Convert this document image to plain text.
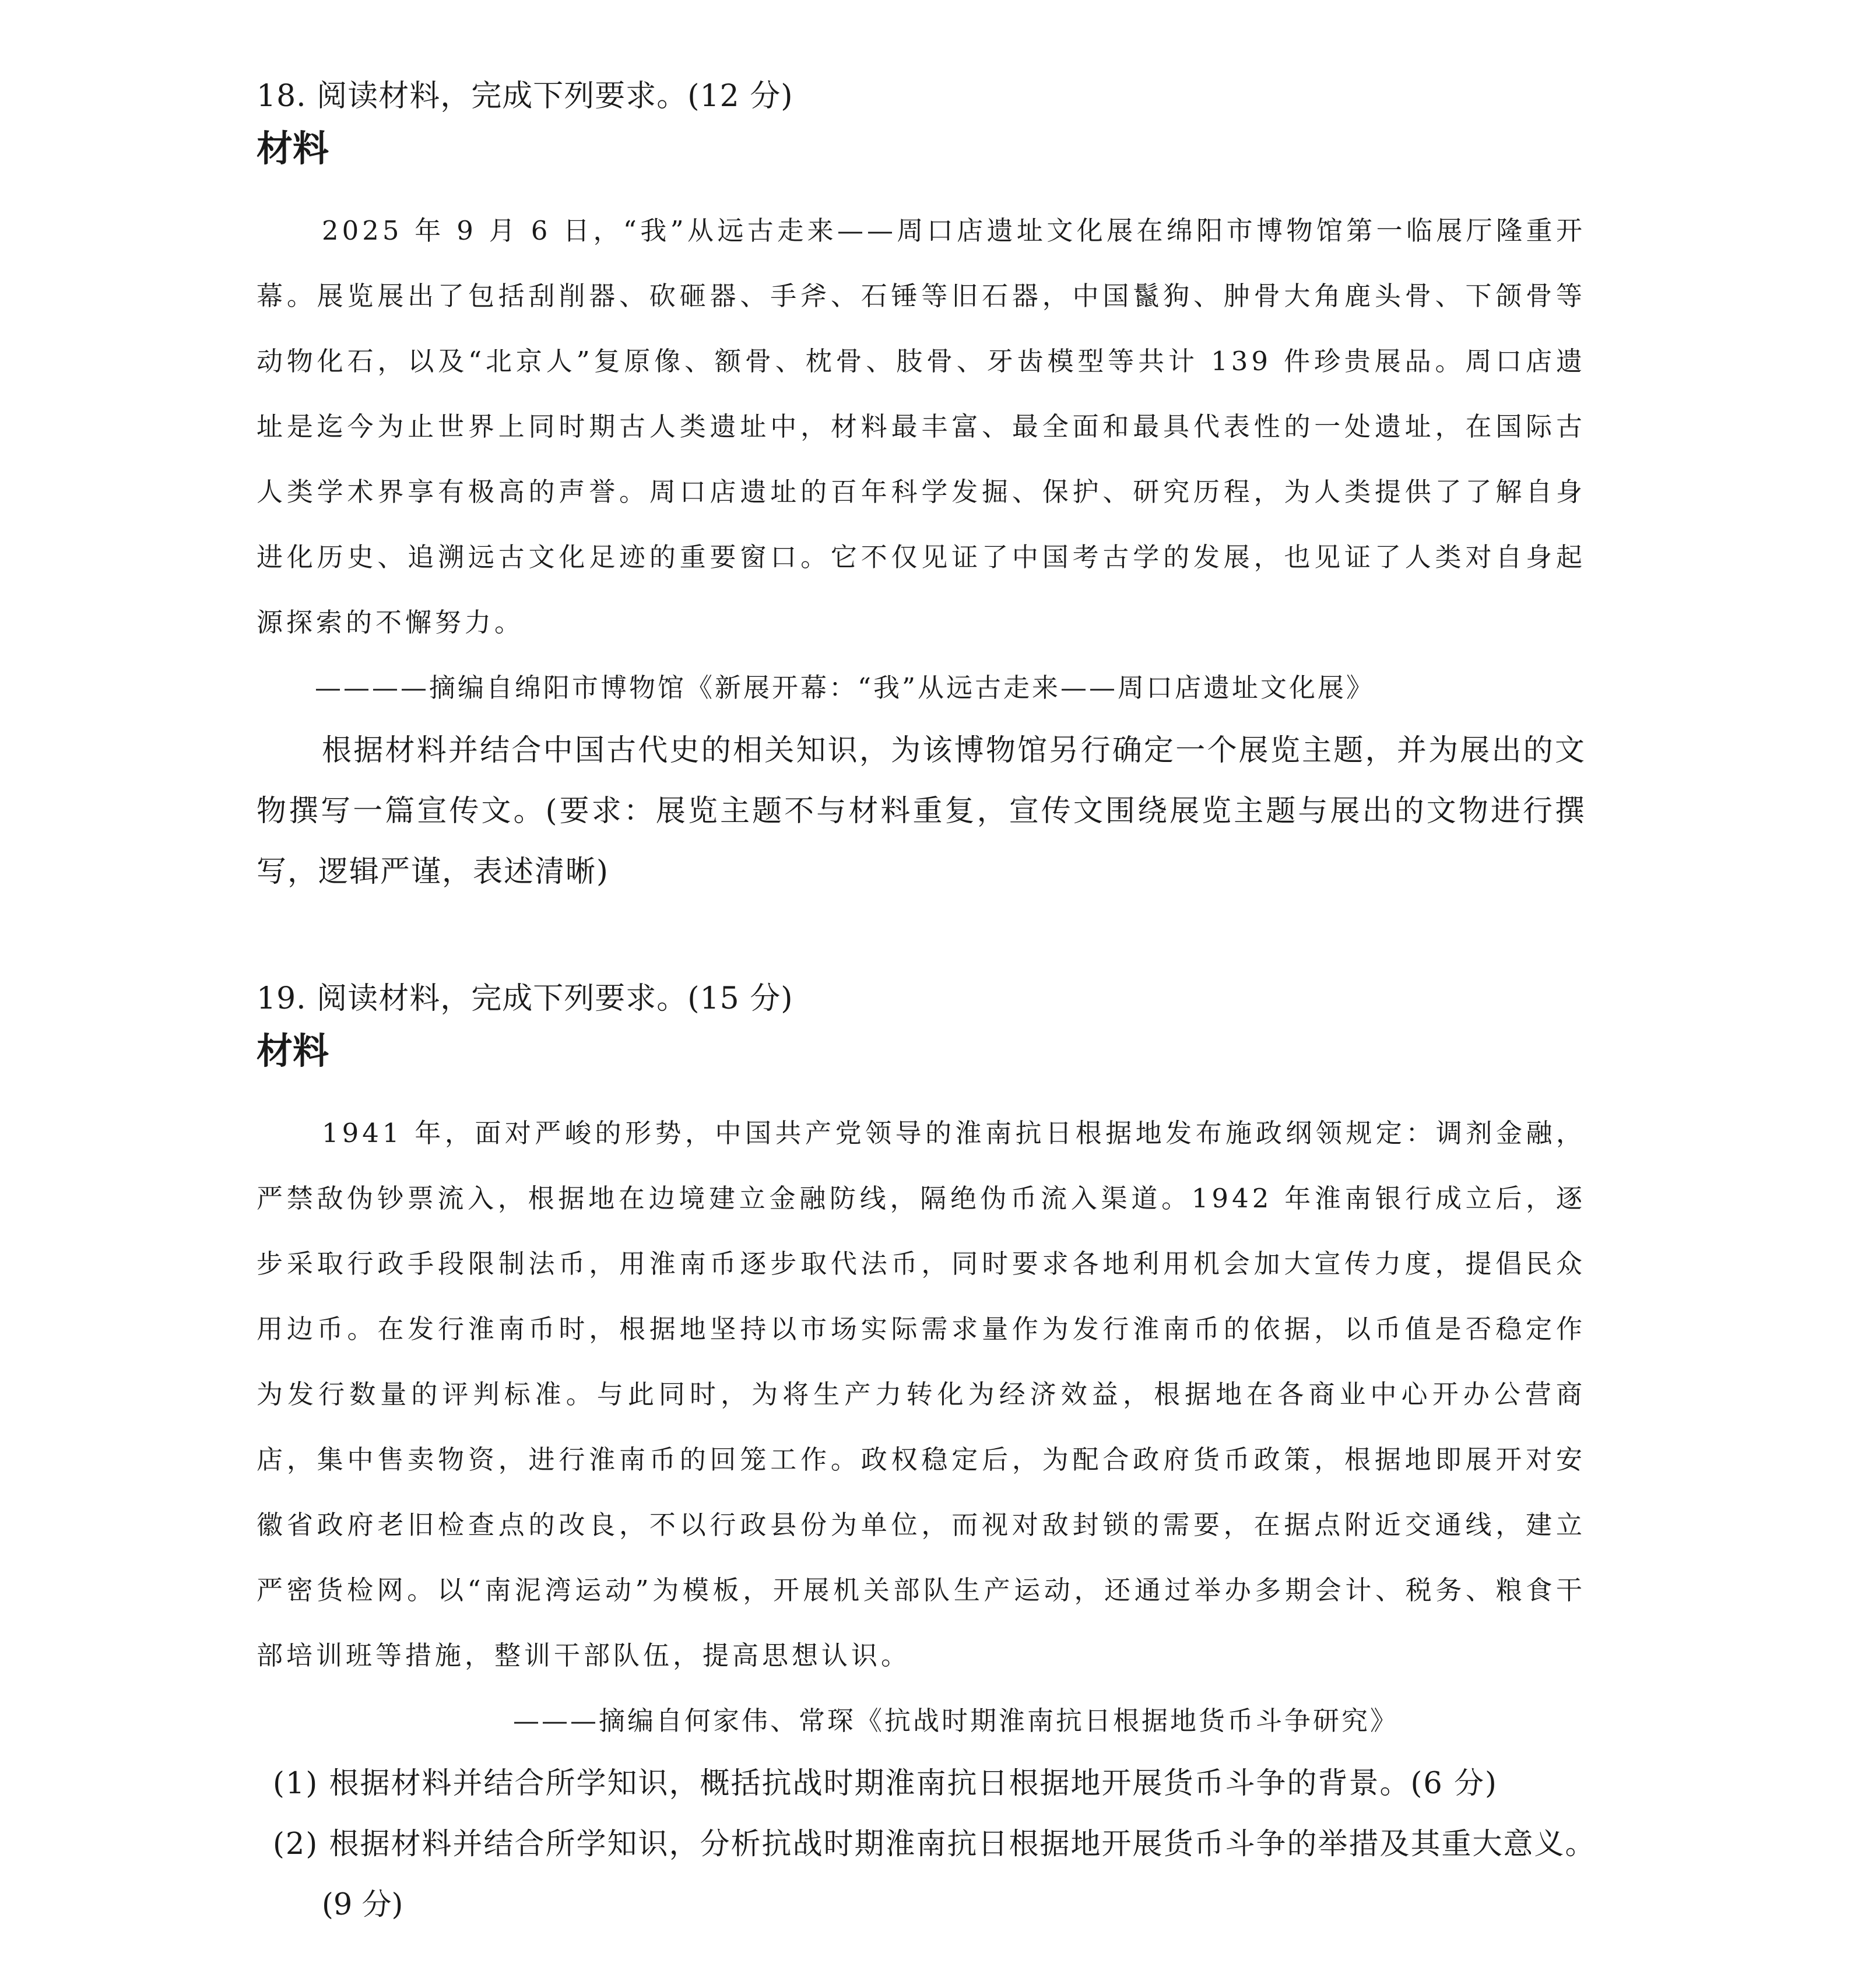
18. 阅读材料，完成下列要求。(12 分)
材料

2025 年 9 月 6 日，“我”从远古走来——周口店遗址文化展在绵阳市博物馆第一临展厅隆重开幕。展览展出了包括刮削器、砍砸器、手斧、石锤等旧石器，中国鬣狗、肿骨大角鹿头骨、下颌骨等动物化石，以及“北京人”复原像、额骨、枕骨、肢骨、牙齿模型等共计 139 件珍贵展品。周口店遗址是迄今为止世界上同时期古人类遗址中，材料最丰富、最全面和最具代表性的一处遗址，在国际古人类学术界享有极高的声誉。周口店遗址的百年科学发掘、保护、研究历程，为人类提供了了解自身进化历史、追溯远古文化足迹的重要窗口。它不仅见证了中国考古学的发展，也见证了人类对自身起源探索的不懈努力。

————摘编自绵阳市博物馆《新展开幕：“我”从远古走来——周口店遗址文化展》

根据材料并结合中国古代史的相关知识，为该博物馆另行确定一个展览主题，并为展出的文物撰写一篇宣传文。(要求：展览主题不与材料重复，宣传文围绕展览主题与展出的文物进行撰写，逻辑严谨，表述清晰)

19. 阅读材料，完成下列要求。(15 分)
材料

1941 年，面对严峻的形势，中国共产党领导的淮南抗日根据地发布施政纲领规定：调剂金融，严禁敌伪钞票流入，根据地在边境建立金融防线，隔绝伪币流入渠道。1942 年淮南银行成立后，逐步采取行政手段限制法币，用淮南币逐步取代法币，同时要求各地利用机会加大宣传力度，提倡民众用边币。在发行淮南币时，根据地坚持以市场实际需求量作为发行淮南币的依据，以币值是否稳定作为发行数量的评判标准。与此同时，为将生产力转化为经济效益，根据地在各商业中心开办公营商店，集中售卖物资，进行淮南币的回笼工作。政权稳定后，为配合政府货币政策，根据地即展开对安徽省政府老旧检查点的改良，不以行政县份为单位，而视对敌封锁的需要，在据点附近交通线，建立严密货检网。以“南泥湾运动”为模板，开展机关部队生产运动，还通过举办多期会计、税务、粮食干部培训班等措施，整训干部队伍，提高思想认识。

———摘编自何家伟、常琛《抗战时期淮南抗日根据地货币斗争研究》
(1) 根据材料并结合所学知识，概括抗战时期淮南抗日根据地开展货币斗争的背景。(6 分)
(2) 根据材料并结合所学知识，分析抗战时期淮南抗日根据地开展货币斗争的举措及其重大意义。
(9 分)
